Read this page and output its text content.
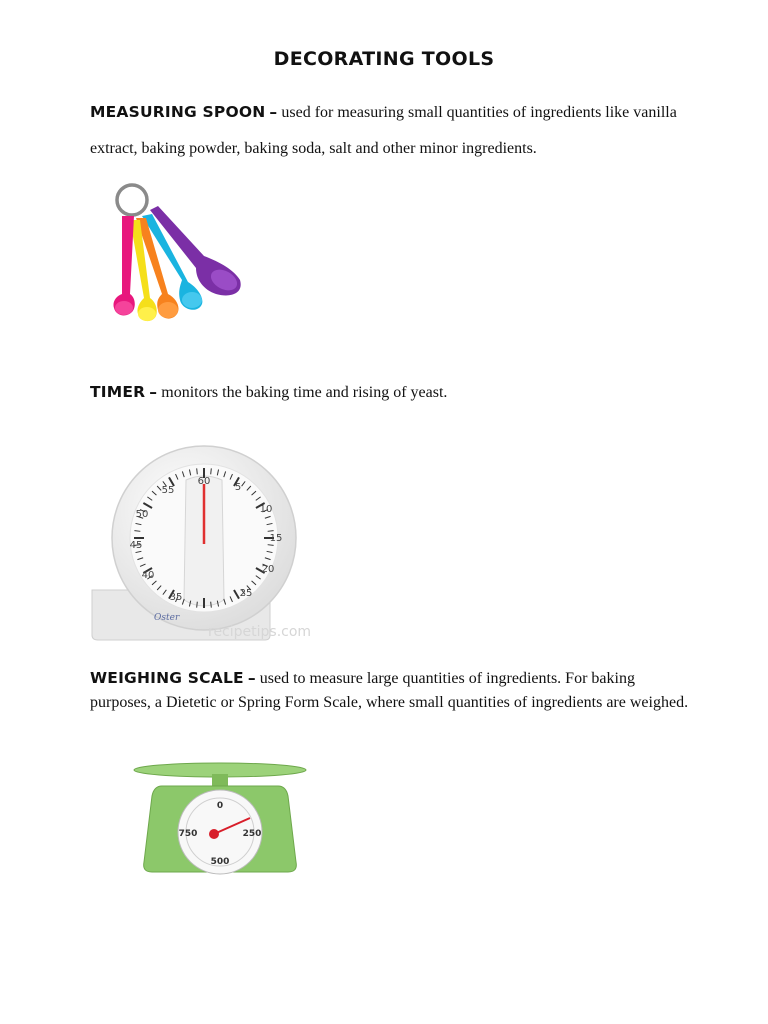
DECORATING TOOLS
MEASURING SPOON – used for measuring small quantities of ingredients like vanilla extract, baking powder, baking soda, salt and other minor ingredients.
TIMER – monitors the baking time and rising of yeast.
60
5
10
15
20
25
35
40
45
50
55
Oster
recipetips.com
WEIGHING SCALE – used to measure large quantities of ingredients. For baking purposes, a Dietetic or Spring Form Scale, where small quantities of ingredients are weighed.
0
250
500
750
